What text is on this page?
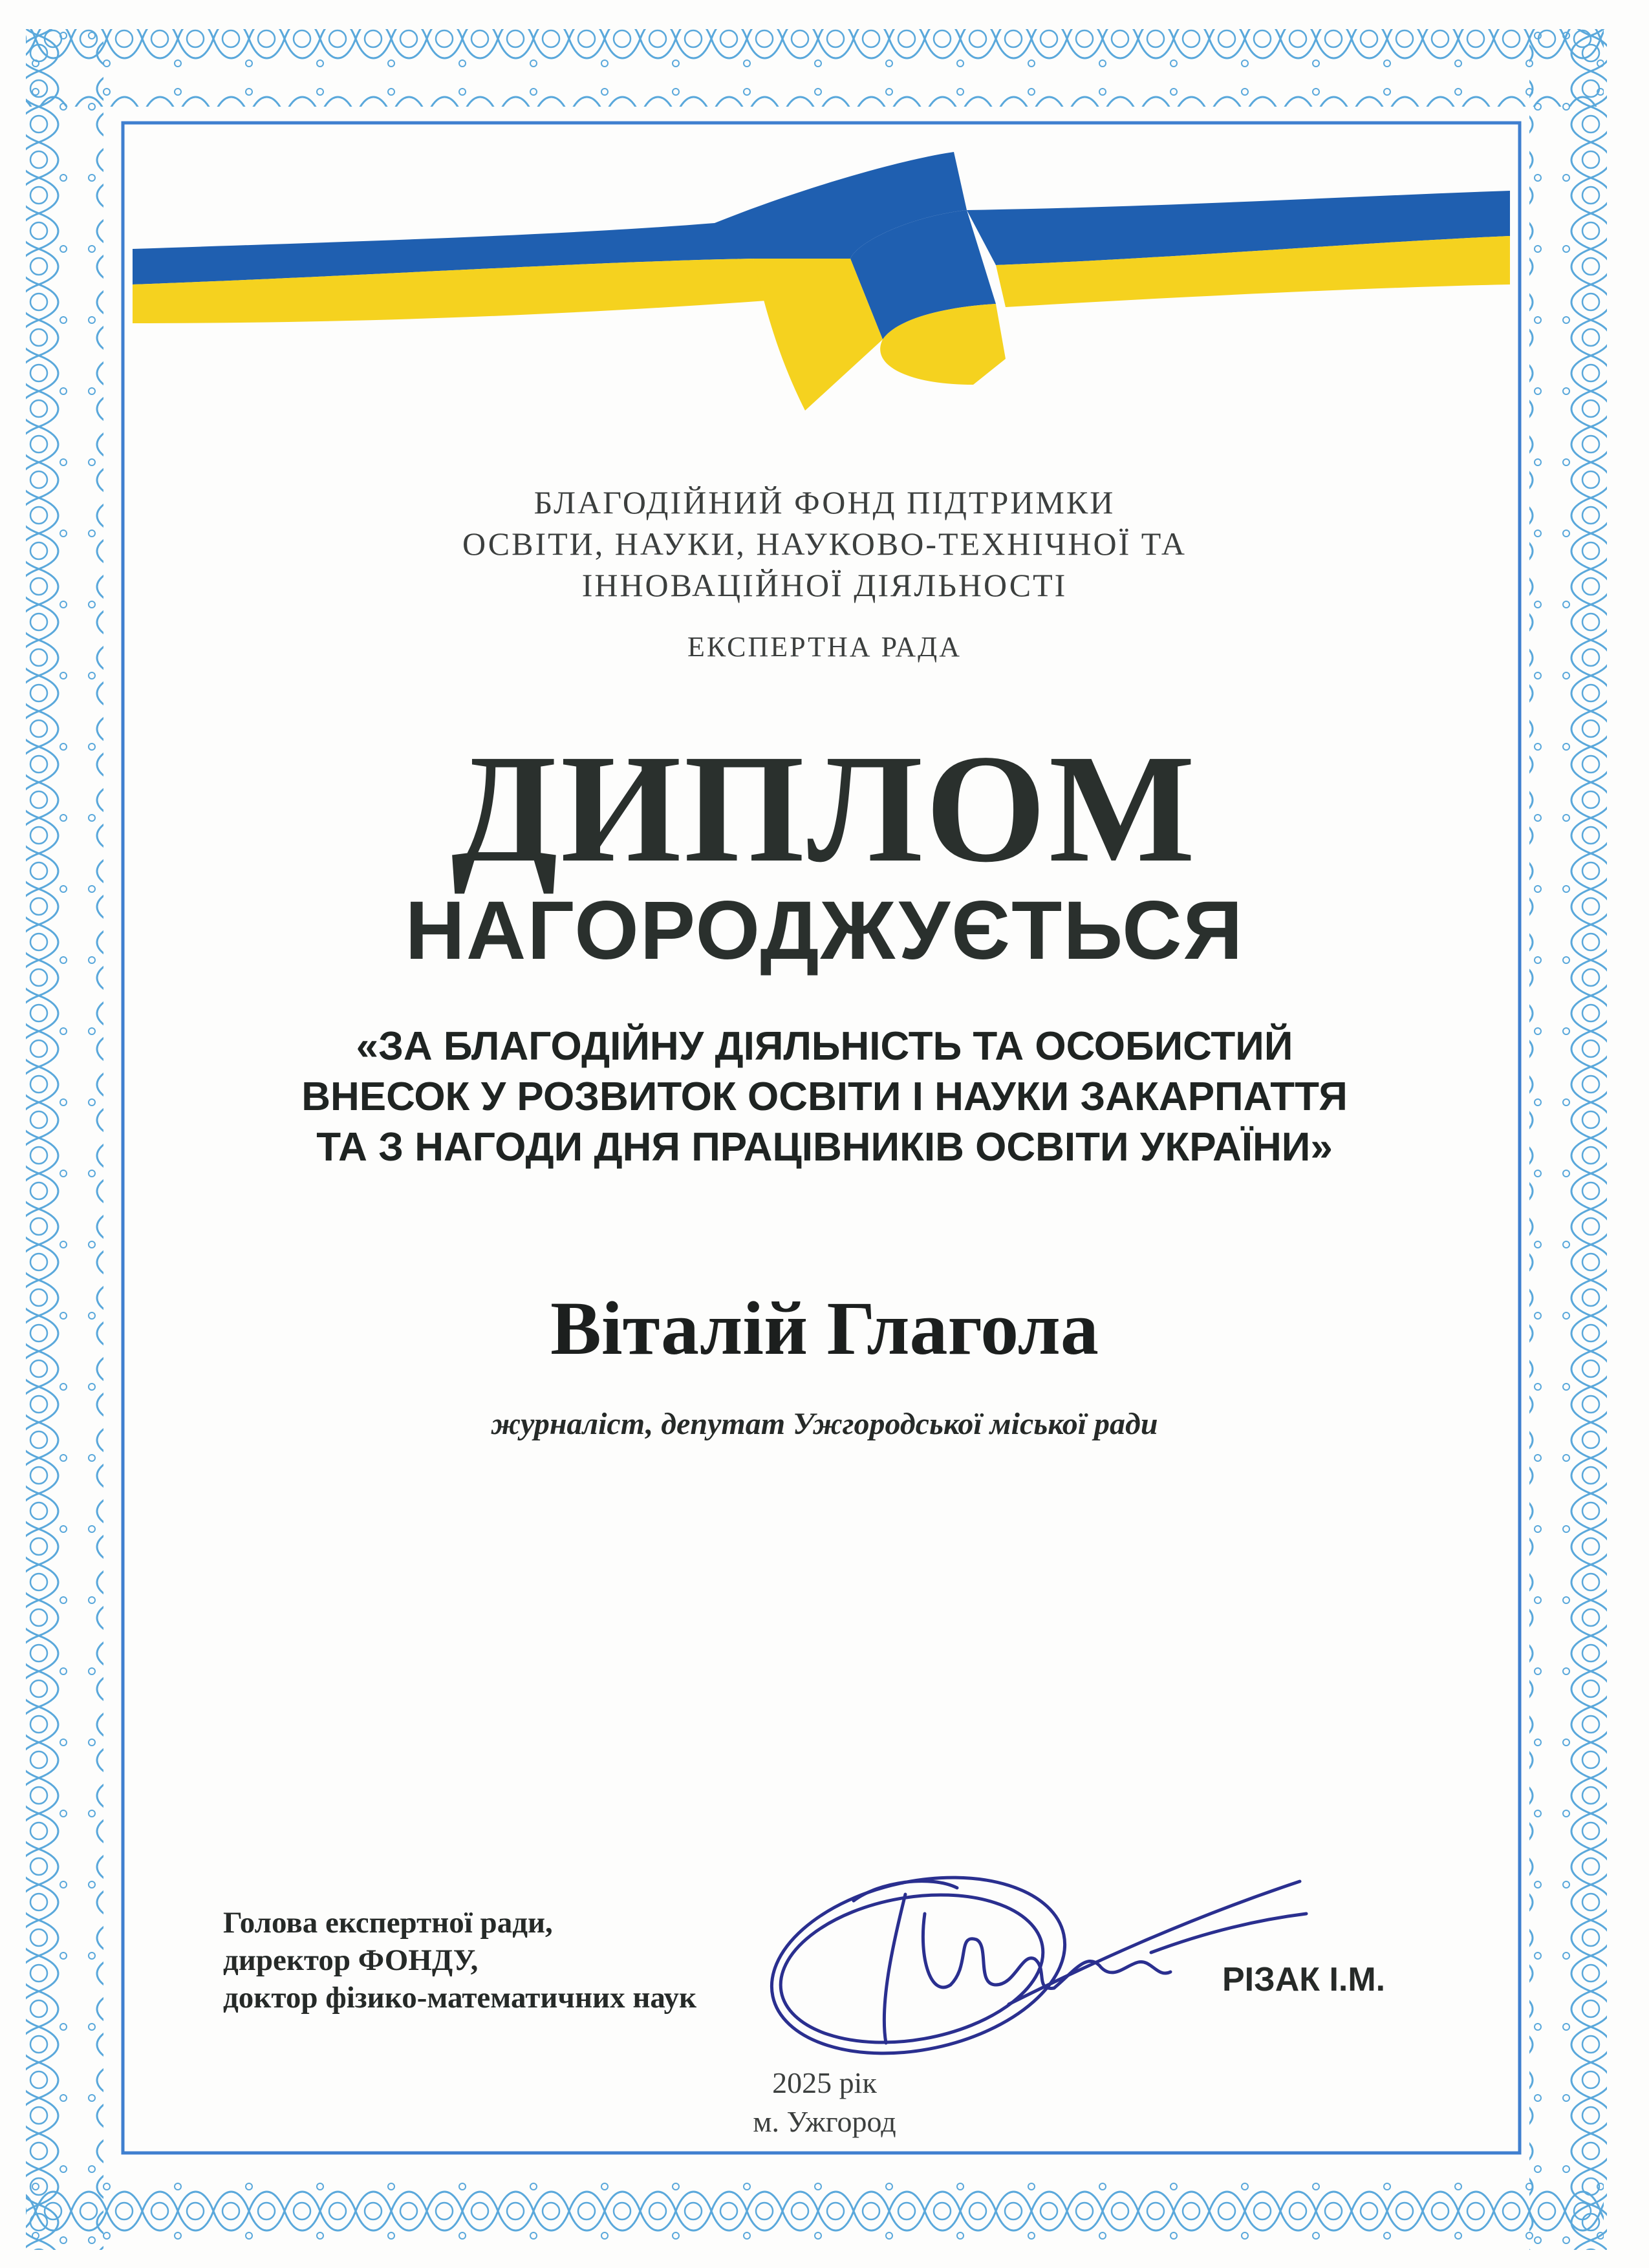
БЛАГОДІЙНИЙ ФОНД ПІДТРИМКИ

ОСВІТИ, НАУКИ, НАУКОВО-ТЕХНІЧНОЇ ТА

ІННОВАЦІЙНОЇ ДІЯЛЬНОСТІ

ЕКСПЕРТНА РАДА

ДИПЛОМ
НАГОРОДЖУЄТЬСЯ

«ЗА БЛАГОДІЙНУ ДІЯЛЬНІСТЬ ТА ОСОБИСТИЙ

ВНЕСОК У РОЗВИТОК ОСВІТИ І НАУКИ ЗАКАРПАТТЯ

ТА З НАГОДИ ДНЯ ПРАЦІВНИКІВ ОСВІТИ УКРАЇНИ»

Віталій Глагола

журналіст, депутат Ужгородської міської ради

Голова експертної ради,

директор ФОНДУ,

доктор фізико-математичних наук	РІЗАК І.М.

2025 рік

м. Ужгород
